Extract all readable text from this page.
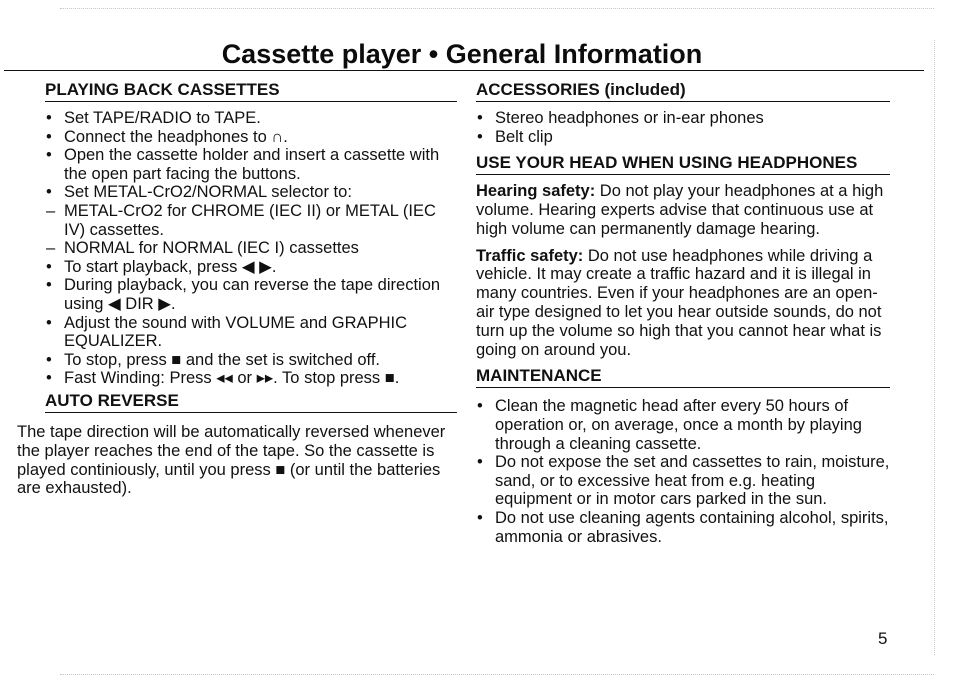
Cassette player • General Information
PLAYING BACK CASSETTES
• Set TAPE/RADIO to TAPE.
• Connect the headphones to ∩.
• Open the cassette holder and insert a cassette with the open part facing the buttons.
• Set METAL-CrO2/NORMAL selector to:
– METAL-CrO2 for CHROME (IEC II) or METAL (IEC IV) cassettes.
– NORMAL for NORMAL (IEC I) cassettes
• To start playback, press ◀ ▶.
• During playback, you can reverse the tape direction using ◀ DIR ▶.
• Adjust the sound with VOLUME and GRAPHIC EQUALIZER.
• To stop, press ■ and the set is switched off.
• Fast Winding: Press ◂◂ or ▸▸. To stop press ■.
AUTO REVERSE

The tape direction will be automatically reversed whenever the player reaches the end of the tape. So the cassette is played continiously, until you press ■ (or until the batteries are exhausted).

ACCESSORIES (included)
• Stereo headphones or in-ear phones
• Belt clip
USE YOUR HEAD WHEN USING HEADPHONES

Hearing safety: Do not play your headphones at a high volume. Hearing experts advise that continuous use at high volume can permanently damage hearing.

Traffic safety: Do not use headphones while driving a vehicle. It may create a traffic hazard and it is illegal in many countries. Even if your headphones are an open-air type designed to let you hear outside sounds, do not turn up the volume so high that you cannot hear what is going on around you.

MAINTENANCE
• Clean the magnetic head after every 50 hours of operation or, on average, once a month by playing through a cleaning cassette.
• Do not expose the set and cassettes to rain, moisture, sand, or to excessive heat from e.g. heating equipment or in motor cars parked in the sun.
• Do not use cleaning agents containing alcohol, spirits, ammonia or abrasives.
5
